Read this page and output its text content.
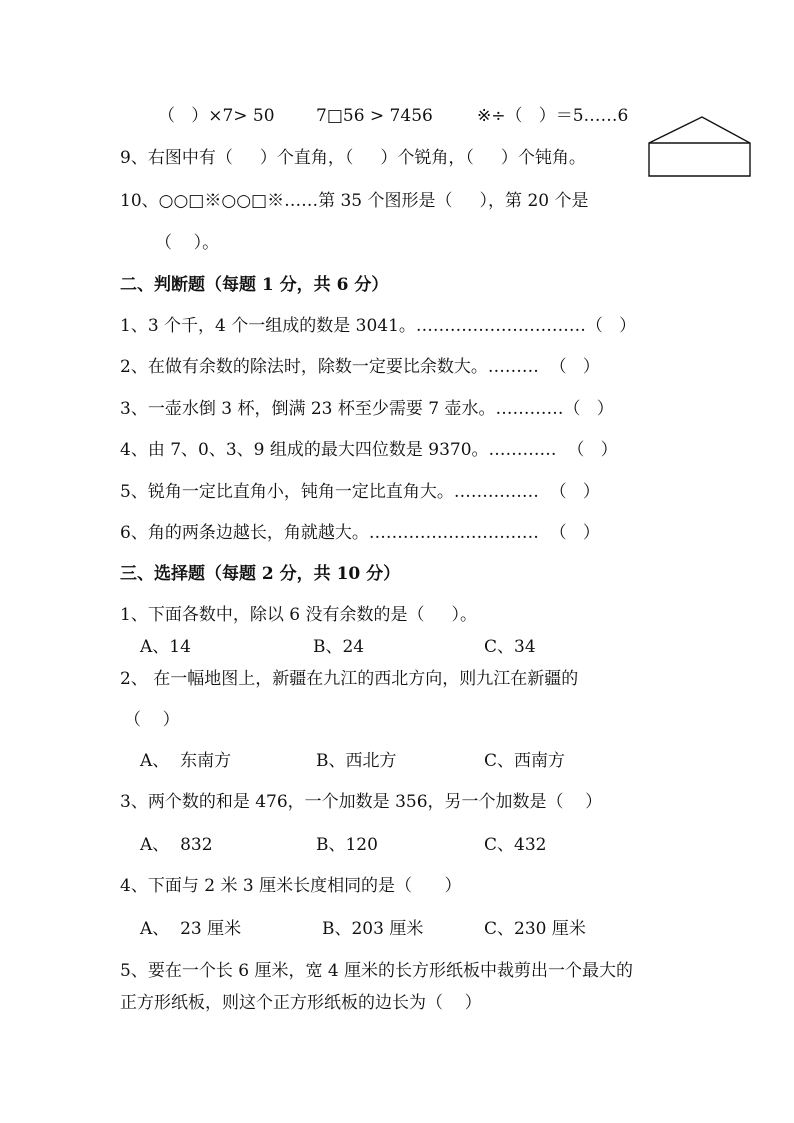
（   ）×7> 50 7□56 > 7456	※÷（   ）＝5……6
9、右图中有（     ）个直角，（     ）个锐角，（     ）个钝角。
10、○○□※○○□※……第 35 个图形是（     ），第 20 个是
（    ）。
二、判断题（每题 1 分，共 6 分）
1、3 个千，4 个一组成的数是 3041。…………………………（   ）
2、在做有余数的除法时，除数一定要比余数大。………  （   ）
3、一壶水倒 3 杯，倒满 23 杯至少需要 7 壶水。…………（   ）
4、由 7、0、3、9 组成的最大四位数是 9370。…………  （   ）
5、锐角一定比直角小，钝角一定比直角大。……………  （   ）
6、角的两条边越长，角就越大。…………………………  （   ）
三、选择题（每题 2 分，共 10 分）
1、下面各数中，除以 6 没有余数的是（     ）。
A、14	B、24	C、34
2、 在一幅地图上，新疆在九江的西北方向，则九江在新疆的
（    ）
A、  东南方	B、西北方	C、西南方
3、两个数的和是 476，一个加数是 356，另一个加数是（    ）
A、  832	B、120	C、432
4、下面与 2 米 3 厘米长度相同的是（      ）
A、  23 厘米	B、203 厘米	C、230 厘米
5、要在一个长 6 厘米，宽 4 厘米的长方形纸板中裁剪出一个最大的
正方形纸板，则这个正方形纸板的边长为（    ）
